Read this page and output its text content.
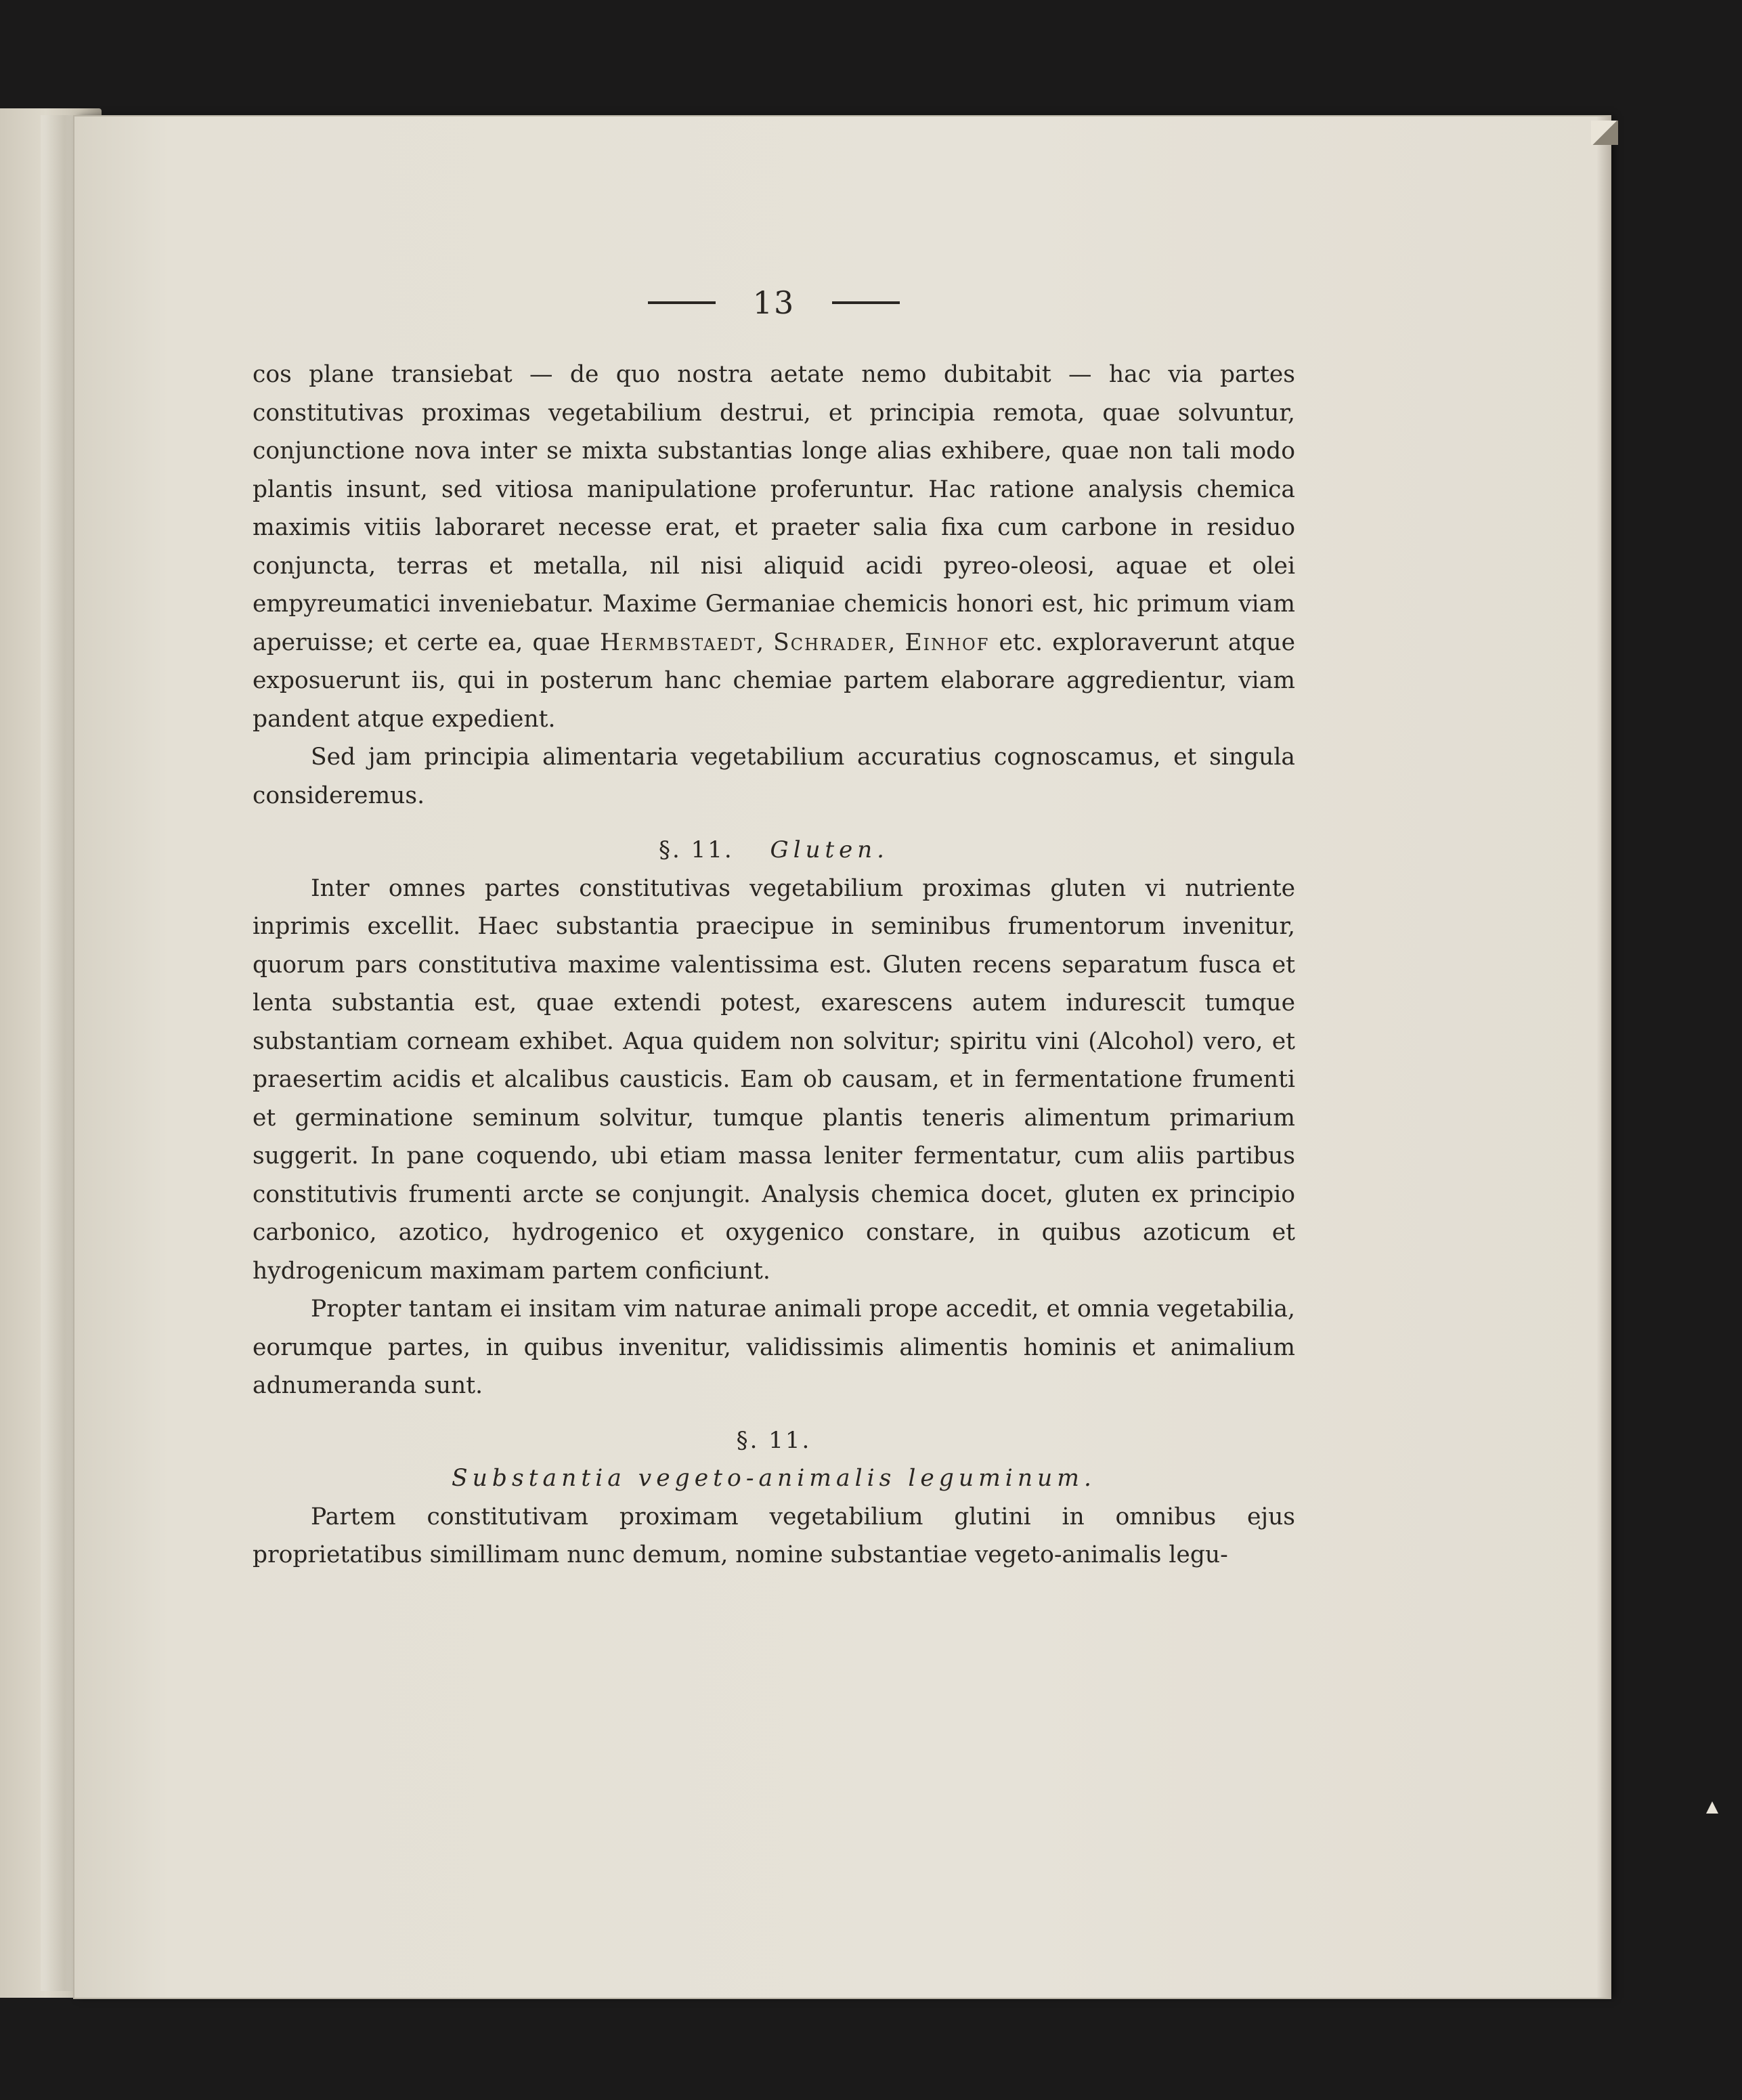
13

cos plane transiebat — de quo nostra aetate nemo dubitabit — hac via partes constitutivas proximas vegetabilium destrui, et principia remota, quae solvuntur, conjunctione nova inter se mixta substantias longe alias exhibere, quae non tali modo plantis insunt, sed vitiosa manipulatione proferuntur. Hac ratione analysis chemica maximis vitiis laboraret necesse erat, et praeter salia fixa cum carbone in residuo conjuncta, terras et metalla, nil nisi aliquid acidi pyreo-oleosi, aquae et olei empyreumatici inveniebatur. Maxime Germaniae chemicis honori est, hic primum viam aperuisse; et certe ea, quae Hermbstaedt, Schrader, Einhof etc. exploraverunt atque exposuerunt iis, qui in posterum hanc chemiae partem elaborare aggredientur, viam pandent atque expedient.

Sed jam principia alimentaria vegetabilium accuratius cognoscamus, et singula consideremus.

§. 11. Gluten.

Inter omnes partes constitutivas vegetabilium proximas gluten vi nutriente inprimis excellit. Haec substantia praecipue in seminibus frumentorum invenitur, quorum pars constitutiva maxime valentissima est. Gluten recens separatum fusca et lenta substantia est, quae extendi potest, exarescens autem indurescit tumque substantiam corneam exhibet. Aqua quidem non solvitur; spiritu vini (Alcohol) vero, et praesertim acidis et alcalibus causticis. Eam ob causam, et in fermentatione frumenti et germinatione seminum solvitur, tumque plantis teneris alimentum primarium suggerit. In pane coquendo, ubi etiam massa leniter fermentatur, cum aliis partibus constitutivis frumenti arcte se conjungit. Analysis chemica docet, gluten ex principio carbonico, azotico, hydrogenico et oxygenico constare, in quibus azoticum et hydrogenicum maximam partem conficiunt.

Propter tantam ei insitam vim naturae animali prope accedit, et omnia vegetabilia, eorumque partes, in quibus invenitur, validissimis alimentis hominis et animalium adnumeranda sunt.

§. 11.
Substantia vegeto-animalis leguminum.

Partem constitutivam proximam vegetabilium glutini in omnibus ejus proprietatibus simillimam nunc demum, nomine substantiae vegeto-animalis legu-
